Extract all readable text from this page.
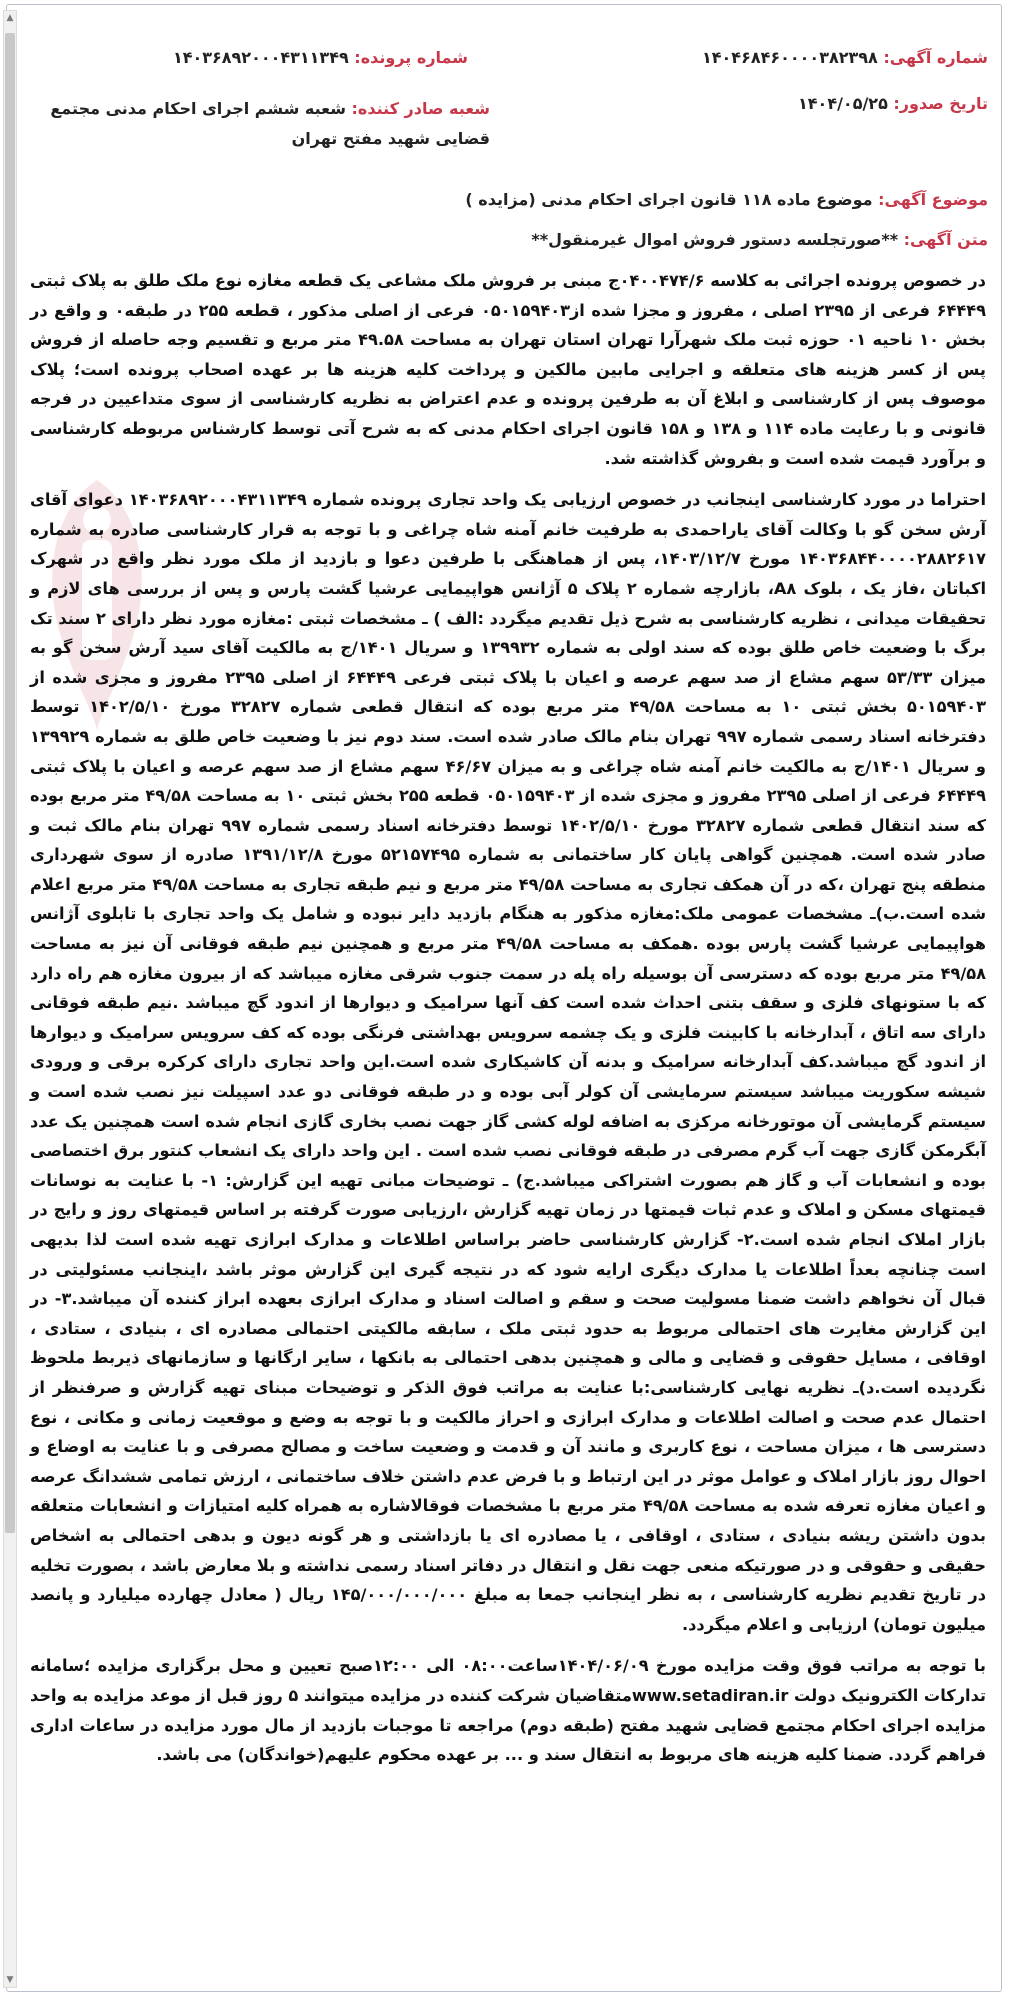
▲
▼
شماره آگهی: ۱۴۰۴۶۸۴۶۰۰۰۰۳۸۲۳۹۸
شماره پرونده: ۱۴۰۳۶۸۹۲۰۰۰۴۳۱۱۳۴۹
تاریخ صدور: ۱۴۰۴/۰۵/۲۵
شعبه صادر کننده: شعبه ششم اجرای احکام مدنی مجتمع قضایی شهید مفتح تهران
موضوع آگهی: موضوع ماده ۱۱۸ قانون اجرای احکام مدنی (مزایده )
متن آگهی: **صورتجلسه دستور فروش اموال غیرمنقول**

در خصوص پرونده اجرائی به کلاسه ۰۴۰۰۴۷۴/۶ج مبنی بر فروش ملک مشاعی یک قطعه مغازه نوع ملک طلق به پلاک ثبتی ۶۴۴۴۹ فرعی از ۲۳۹۵ اصلی ، مفروز و مجزا شده از۰۵۰۱۵۹۴۰۳ فرعی از اصلی مذکور ، قطعه ۲۵۵ در طبقه۰ و واقع در بخش ۱۰ ناحیه ۰۱ حوزه ثبت ملک شهرآرا تهران استان تهران به مساحت ۴۹.۵۸ متر مربع و تقسیم وجه حاصله از فروش پس از کسر هزینه های متعلقه و اجرایی مابین مالکین و پرداخت کلیه هزینه ها بر عهده اصحاب پرونده است؛ پلاک موصوف پس از کارشناسی و ابلاغ آن به طرفین پرونده و عدم اعتراض به نظریه کارشناسی از سوی متداعیین در فرجه قانونی و با رعایت ماده ۱۱۴ و ۱۳۸ و ۱۵۸ قانون اجرای احکام مدنی که به شرح آتی توسط کارشناس مربوطه کارشناسی و برآورد قیمت شده است و بفروش گذاشته شد.

احتراما در مورد کارشناسی اینجانب در خصوص ارزیابی یک واحد تجاری پرونده شماره ۱۴۰۳۶۸۹۲۰۰۰۴۳۱۱۳۴۹ دعوای آقای آرش سخن گو با وکالت آقای یاراحمدی به طرفیت خانم آمنه شاه چراغی و با توجه به قرار کارشناسی صادره به شماره ۱۴۰۳۶۸۴۴۰۰۰۰۲۸۸۲۶۱۷ مورخ ۱۴۰۳/۱۲/۷، پس از هماهنگی با طرفین دعوا و بازدید از ملک مورد نظر واقع در شهرک اکباتان ،فاز یک ، بلوک A۸، بازارچه شماره ۲ پلاک ۵ آژانس هواپیمایی عرشیا گشت پارس و پس از بررسی های لازم و تحقیقات میدانی ، نظریه کارشناسی به شرح ذیل تقدیم میگردد :الف ) ـ مشخصات ثبتی :مغازه مورد نظر دارای ۲ سند تک برگ با وضعیت خاص طلق بوده که سند اولی به شماره ۱۳۹۹۳۲ و سریال ۱۴۰۱/ج به مالکیت آقای سید آرش سخن گو به میزان ۵۳/۳۳ سهم مشاع از صد سهم عرصه و اعیان با پلاک ثبتی فرعی ۶۴۴۴۹ از اصلی ۲۳۹۵ مفروز و مجزی شده از ۵۰۱۵۹۴۰۳ بخش ثبتی ۱۰ به مساحت ۴۹/۵۸ متر مربع بوده که انتقال قطعی شماره ۳۲۸۲۷ مورخ ۱۴۰۲/۵/۱۰ توسط دفترخانه اسناد رسمی شماره ۹۹۷ تهران بنام مالک صادر شده است. سند دوم نیز با وضعیت خاص طلق به شماره ۱۳۹۹۲۹ و سریال ۱۴۰۱/ج به مالکیت خانم آمنه شاه چراغی و به میزان ۴۶/۶۷ سهم مشاع از صد سهم عرصه و اعیان با پلاک ثبتی ۶۴۴۴۹ فرعی از اصلی ۲۳۹۵ مفروز و مجزی شده از ۰۵۰۱۵۹۴۰۳ قطعه ۲۵۵ بخش ثبتی ۱۰ به مساحت ۴۹/۵۸ متر مربع بوده که سند انتقال قطعی شماره ۳۲۸۲۷ مورخ ۱۴۰۲/۵/۱۰ توسط دفترخانه اسناد رسمی شماره ۹۹۷ تهران بنام مالک ثبت و صادر شده است. همچنین گواهی پایان کار ساختمانی به شماره ۵۲۱۵۷۴۹۵ مورخ ۱۳۹۱/۱۲/۸ صادره از سوی شهرداری منطقه پنج تهران ،که در آن همکف تجاری به مساحت ۴۹/۵۸ متر مربع و نیم طبقه تجاری به مساحت ۴۹/۵۸ متر مربع اعلام شده است.ب)ـ مشخصات عمومی ملک:مغازه مذکور به هنگام بازدید دایر نبوده و شامل یک واحد تجاری با تابلوی آژانس هواپیمایی عرشیا گشت پارس بوده .همکف به مساحت ۴۹/۵۸ متر مربع و همچنین نیم طبقه فوقانی آن نیز به مساحت ۴۹/۵۸ متر مربع بوده که دسترسی آن بوسیله راه پله در سمت جنوب شرقی مغازه میباشد که از بیرون مغازه هم راه دارد که با ستونهای فلزی و سقف بتنی احداث شده است کف آنها سرامیک و دیوارها از اندود گچ میباشد .نیم طبقه فوقانی دارای سه اتاق ، آبدارخانه با کابینت فلزی و یک چشمه سرویس بهداشتی فرنگی بوده که کف سرویس سرامیک و دیوارها از اندود گچ میباشد.کف آبدارخانه سرامیک و بدنه آن کاشیکاری شده است.این واحد تجاری دارای کرکره برقی و ورودی شیشه سکوریت میباشد سیستم سرمایشی آن کولر آبی بوده و در طبقه فوقانی دو عدد اسپیلت نیز نصب شده است و سیستم گرمایشی آن موتورخانه مرکزی به اضافه لوله کشی گاز جهت نصب بخاری گازی انجام شده است همچنین یک عدد آبگرمکن گازی جهت آب گرم مصرفی در طبقه فوقانی نصب شده است . این واحد دارای یک انشعاب کنتور برق اختصاصی بوده و انشعابات آب و گاز هم بصورت اشتراکی میباشد.ج) ـ توضیحات مبانی تهیه این گزارش: ۱- با عنایت به نوسانات قیمتهای مسکن و املاک و عدم ثبات قیمتها در زمان تهیه گزارش ،ارزیابی صورت گرفته بر اساس قیمتهای روز و رایج در بازار املاک انجام شده است.۲- گزارش کارشناسی حاضر براساس اطلاعات و مدارک ابرازی تهیه شده است لذا بدیهی است چنانچه بعداً اطلاعات یا مدارک دیگری ارایه شود که در نتیجه گیری این گزارش موثر باشد ،اینجانب مسئولیتی در قبال آن نخواهم داشت ضمنا مسولیت صحت و سقم و اصالت اسناد و مدارک ابرازی بعهده ابراز کننده آن میباشد.۳- در این گزارش مغایرت های احتمالی مربوط به حدود ثبتی ملک ، سابقه مالکیتی احتمالی مصادره ای ، بنیادی ، ستادی ، اوقافی ، مسایل حقوقی و قضایی و مالی و همچنین بدهی احتمالی به بانکها ، سایر ارگانها و سازمانهای ذیربط ملحوظ نگردیده است.د)ـ نظریه نهایی کارشناسی:با عنایت به مراتب فوق الذکر و توضیحات مبنای تهیه گزارش و صرفنظر از احتمال عدم صحت و اصالت اطلاعات و مدارک ابرازی و احراز مالکیت و با توجه به وضع و موقعیت زمانی و مکانی ، نوع دسترسی ها ، میزان مساحت ، نوع کاربری و مانند آن و قدمت و وضعیت ساخت و مصالح مصرفی و با عنایت به اوضاع و احوال روز بازار املاک و عوامل موثر در این ارتباط و با فرض عدم داشتن خلاف ساختمانی ، ارزش تمامی ششدانگ عرصه و اعیان مغازه تعرفه شده به مساحت ۴۹/۵۸ متر مربع با مشخصات فوقالاشاره به همراه کلیه امتیازات و انشعابات متعلقه بدون داشتن ریشه بنیادی ، ستادی ، اوقافی ، یا مصادره ای یا بازداشتی و هر گونه دیون و بدهی احتمالی به اشخاص حقیقی و حقوقی و در صورتیکه منعی جهت نقل و انتقال در دفاتر اسناد رسمی نداشته و بلا معارض باشد ، بصورت تخلیه در تاریخ تقدیم نظریه کارشناسی ، به نظر اینجانب جمعا به مبلغ ۱۴۵/۰۰۰/۰۰۰/۰۰۰ ریال ( معادل چهارده میلیارد و پانصد میلیون تومان) ارزیابی و اعلام میگردد.

با توجه به مراتب فوق وقت مزایده مورخ ۱۴۰۴/۰۶/۰۹ساعت۰۸:۰۰ الی ۱۲:۰۰صبح تعیین و محل برگزاری مزایده ؛سامانه تدارکات الکترونیک دولت www.setadiran.irمتقاضیان شرکت کننده در مزایده میتوانند ۵ روز قبل از موعد مزایده به واحد مزایده اجرای احکام مجتمع قضایی شهید مفتح (طبقه دوم) مراجعه تا موجبات بازدید از مال مورد مزایده در ساعات اداری فراهم گردد. ضمنا کلیه هزینه های مربوط به انتقال سند و ... بر عهده محکوم علیهم(خواندگان) می باشد.
